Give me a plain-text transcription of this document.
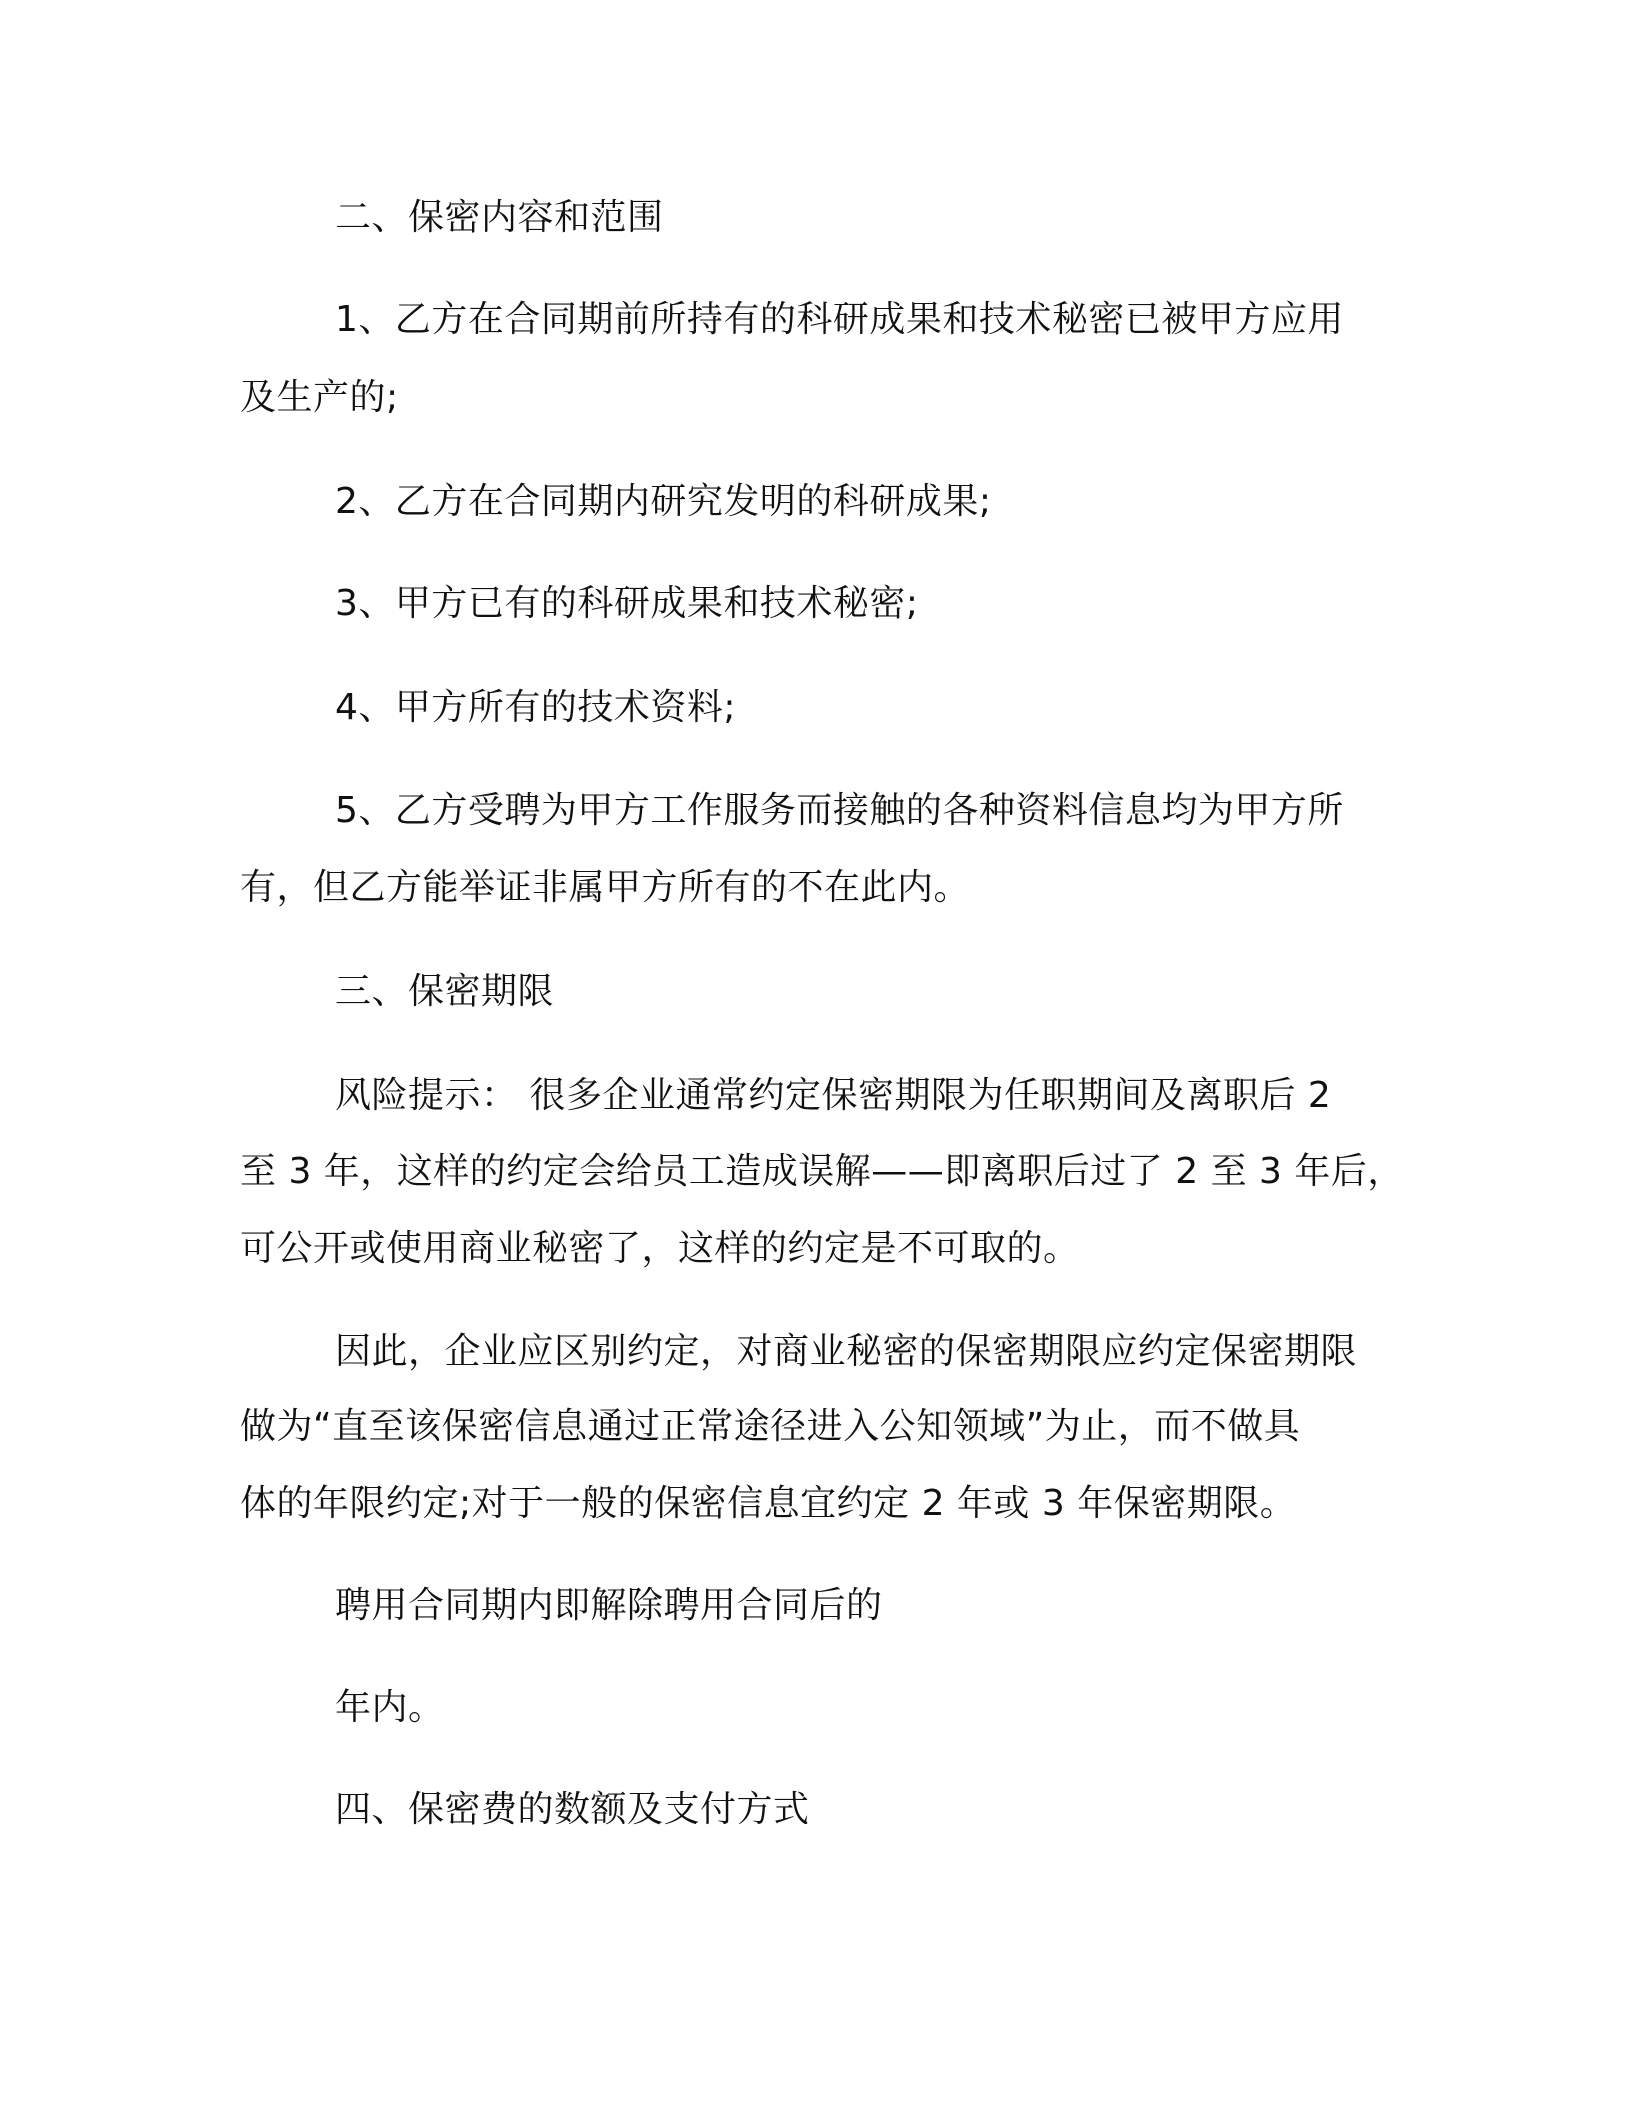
二、保密内容和范围
1、乙方在合同期前所持有的科研成果和技术秘密已被甲方应用
及生产的;
2、乙方在合同期内研究发明的科研成果;
3、甲方已有的科研成果和技术秘密;
4、甲方所有的技术资料;
5、乙方受聘为甲方工作服务而接触的各种资料信息均为甲方所
有，但乙方能举证非属甲方所有的不在此内。
三、保密期限
风险提示： 很多企业通常约定保密期限为任职期间及离职后 2
至 3 年，这样的约定会给员工造成误解——即离职后过了 2 至 3 年后，
可公开或使用商业秘密了，这样的约定是不可取的。
因此，企业应区别约定，对商业秘密的保密期限应约定保密期限
做为“直至该保密信息通过正常途径进入公知领域”为止，而不做具
体的年限约定;对于一般的保密信息宜约定 2 年或 3 年保密期限。
聘用合同期内即解除聘用合同后的
年内。
四、保密费的数额及支付方式
